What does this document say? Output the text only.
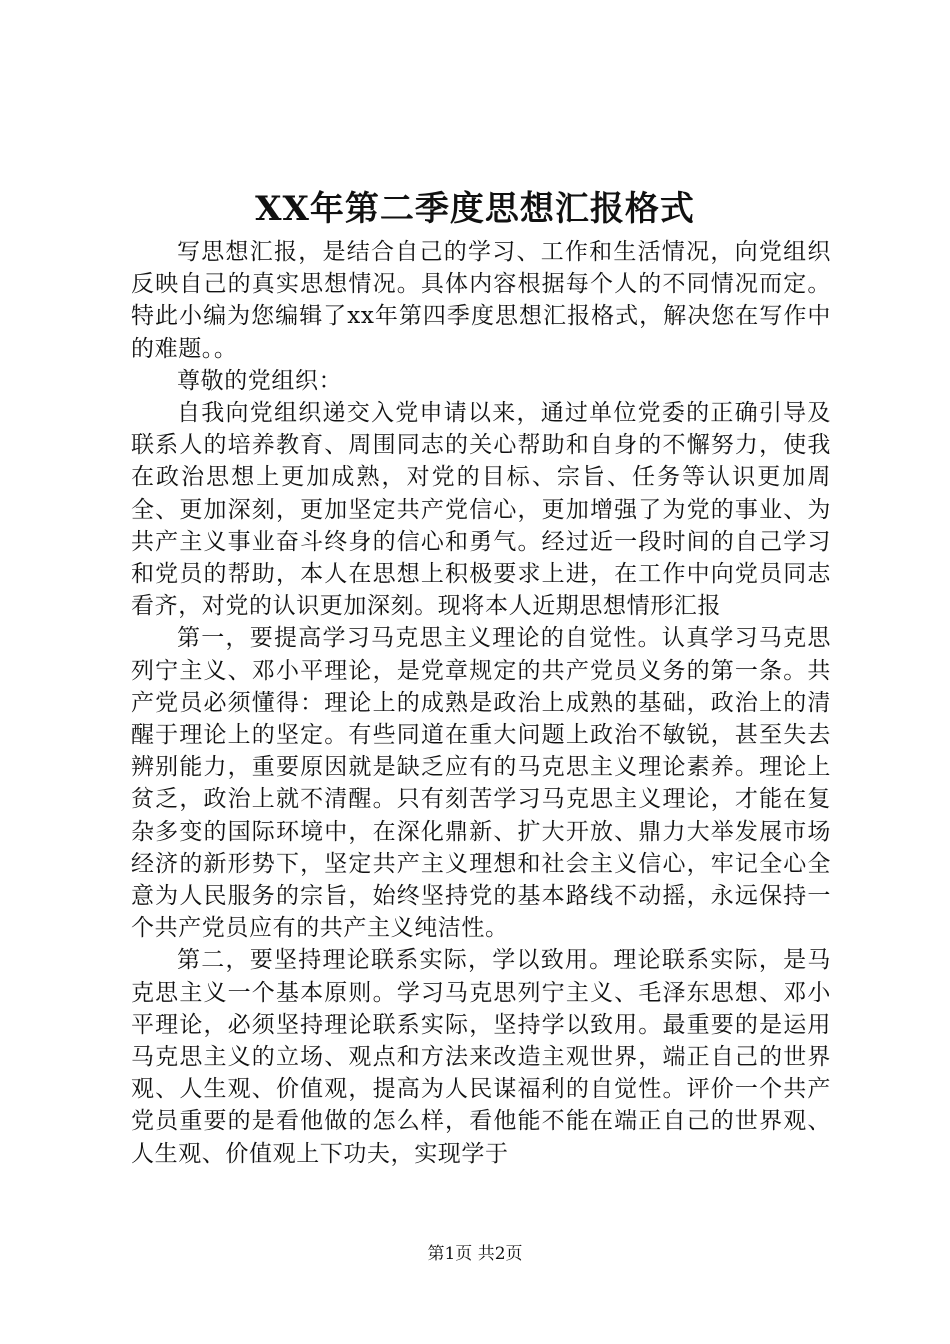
XX年第二季度思想汇报格式

写思想汇报，是结合自己的学习、工作和生活情况，向党组织反映自己的真实思想情况。具体内容根据每个人的不同情况而定。特此小编为您编辑了xx年第四季度思想汇报格式，解决您在写作中的难题。。

尊敬的党组织：

自我向党组织递交入党申请以来，通过单位党委的正确引导及联系人的培养教育、周围同志的关心帮助和自身的不懈努力，使我在政治思想上更加成熟，对党的目标、宗旨、任务等认识更加周全、更加深刻，更加坚定共产党信心，更加增强了为党的事业、为共产主义事业奋斗终身的信心和勇气。经过近一段时间的自己学习和党员的帮助，本人在思想上积极要求上进，在工作中向党员同志看齐，对党的认识更加深刻。现将本人近期思想情形汇报

第一，要提高学习马克思主义理论的自觉性。认真学习马克思列宁主义、邓小平理论，是党章规定的共产党员义务的第一条。共产党员必须懂得：理论上的成熟是政治上成熟的基础，政治上的清醒于理论上的坚定。有些同道在重大问题上政治不敏锐，甚至失去辨别能力，重要原因就是缺乏应有的马克思主义理论素养。理论上贫乏，政治上就不清醒。只有刻苦学习马克思主义理论，才能在复杂多变的国际环境中，在深化鼎新、扩大开放、鼎力大举发展市场经济的新形势下，坚定共产主义理想和社会主义信心，牢记全心全意为人民服务的宗旨，始终坚持党的基本路线不动摇，永远保持一个共产党员应有的共产主义纯洁性。

第二，要坚持理论联系实际，学以致用。理论联系实际，是马克思主义一个基本原则。学习马克思列宁主义、毛泽东思想、邓小平理论，必须坚持理论联系实际，坚持学以致用。最重要的是运用马克思主义的立场、观点和方法来改造主观世界，端正自己的世界观、人生观、价值观，提高为人民谋福利的自觉性。评价一个共产党员重要的是看他做的怎么样，看他能不能在端正自己的世界观、人生观、价值观上下功夫，实现学于

第1页 共2页
